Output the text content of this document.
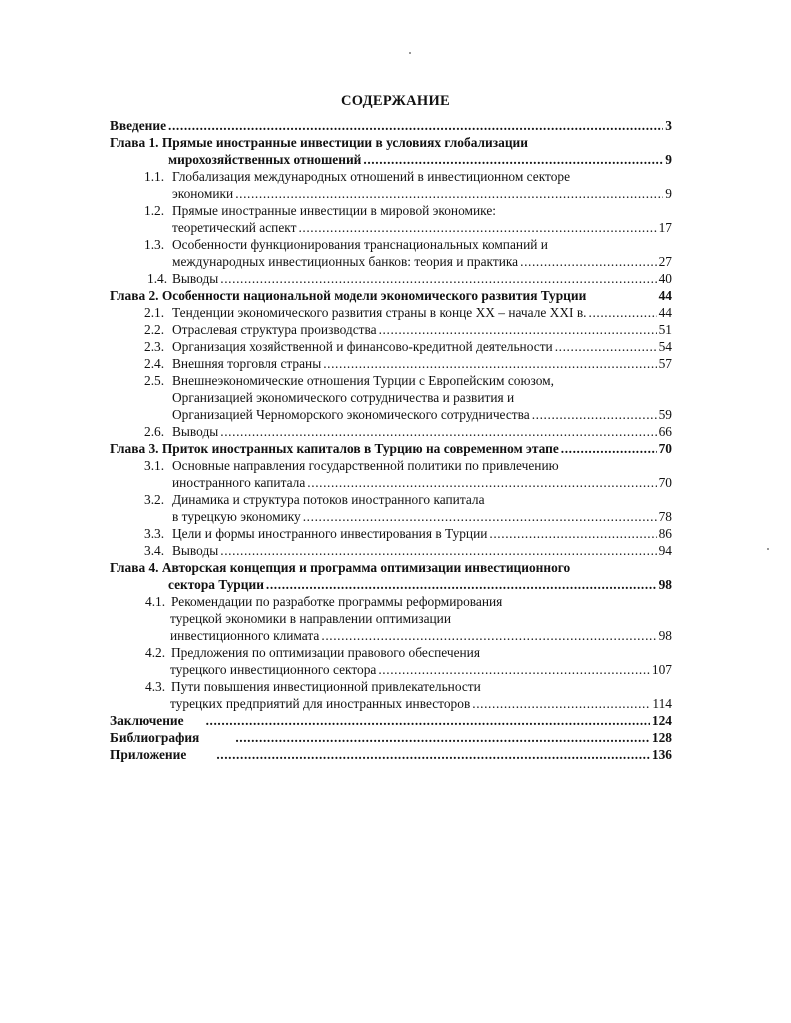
СОДЕРЖАНИЕ
Введение .....	3
Глава 1. Прямые иностранные инвестиции в условиях глобализации
мирохозяйственных отношений .....	9
1.1. Глобализация международных отношений в инвестиционном секторе
экономики .....	9
1.2. Прямые иностранные инвестиции в мировой экономике:
теоретический аспект .....	17
1.3. Особенности функционирования транснациональных компаний и
международных инвестиционных банков: теория и практика .....	27
1.4. Выводы .....	40
Глава 2. Особенности национальной модели экономического развития Турции	44
2.1. Тенденции экономического развития страны в конце XX – начале XXI в. .....	44
2.2. Отраслевая структура производства .....	51
2.3. Организация хозяйственной и финансово-кредитной деятельности .....	54
2.4. Внешняя торговля страны .....	57
2.5. Внешнеэкономические отношения Турции с Европейским союзом,
Организацией экономического сотрудничества и развития и
Организацией Черноморского экономического сотрудничества .....	59
2.6. Выводы .....	66
Глава 3. Приток иностранных капиталов в Турцию на современном этапе .....	70
3.1. Основные направления государственной политики по привлечению
иностранного капитала .....	70
3.2. Динамика и структура потоков иностранного капитала
в турецкую экономику .....	78
3.3. Цели и формы иностранного инвестирования в Турции .....	86
3.4. Выводы .....	94
Глава 4. Авторская концепция и программа оптимизации инвестиционного
сектора Турции .....	98
4.1. Рекомендации по разработке программы реформирования
турецкой экономики в направлении оптимизации
инвестиционного климата .....	98
4.2. Предложения по оптимизации правового обеспечения
турецкого инвестиционного сектора .....	107
4.3. Пути повышения инвестиционной привлекательности
турецких предприятий для иностранных инвесторов .....	114
Заключение .....	124
Библиография .....	128
Приложение .....	136
